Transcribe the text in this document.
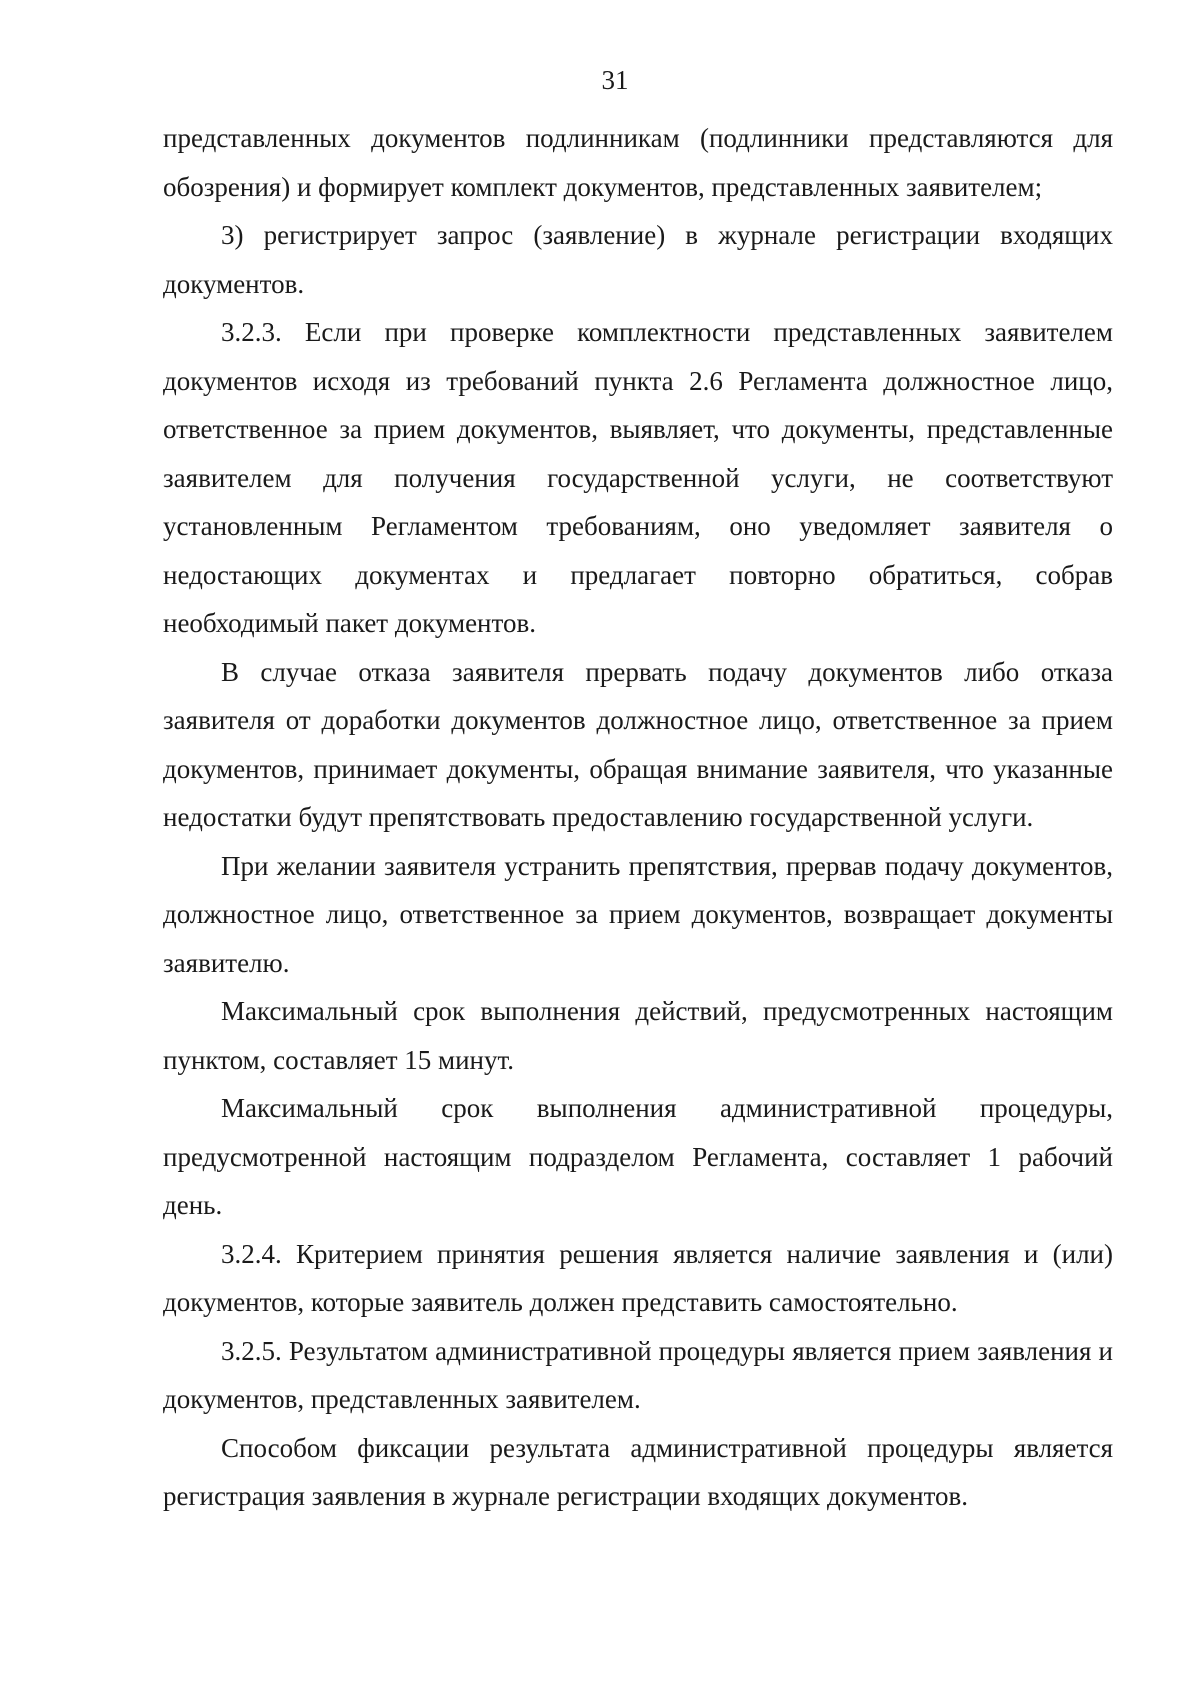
31

представленных документов подлинникам (подлинники представляются для обозрения) и формирует комплект документов, представленных заявителем;

3) регистрирует запрос (заявление) в журнале регистрации входящих документов.

3.2.3. Если при проверке комплектности представленных заявителем документов исходя из требований пункта 2.6 Регламента должностное лицо, ответственное за прием документов, выявляет, что документы, представленные заявителем для получения государственной услуги, не соответствуют установленным Регламентом требованиям, оно уведомляет заявителя о недостающих документах и предлагает повторно обратиться, собрав необходимый пакет документов.

В случае отказа заявителя прервать подачу документов либо отказа заявителя от доработки документов должностное лицо, ответственное за прием документов, принимает документы, обращая внимание заявителя, что указанные недостатки будут препятствовать предоставлению государственной услуги.

При желании заявителя устранить препятствия, прервав подачу документов, должностное лицо, ответственное за прием документов, возвращает документы заявителю.

Максимальный срок выполнения действий, предусмотренных настоящим пунктом, составляет 15 минут.

Максимальный срок выполнения административной процедуры, предусмотренной настоящим подразделом Регламента, составляет 1 рабочий день.

3.2.4. Критерием принятия решения является наличие заявления и (или) документов, которые заявитель должен представить самостоятельно.

3.2.5. Результатом административной процедуры является прием заявления и документов, представленных заявителем.

Способом фиксации результата административной процедуры является регистрация заявления в журнале регистрации входящих документов.
